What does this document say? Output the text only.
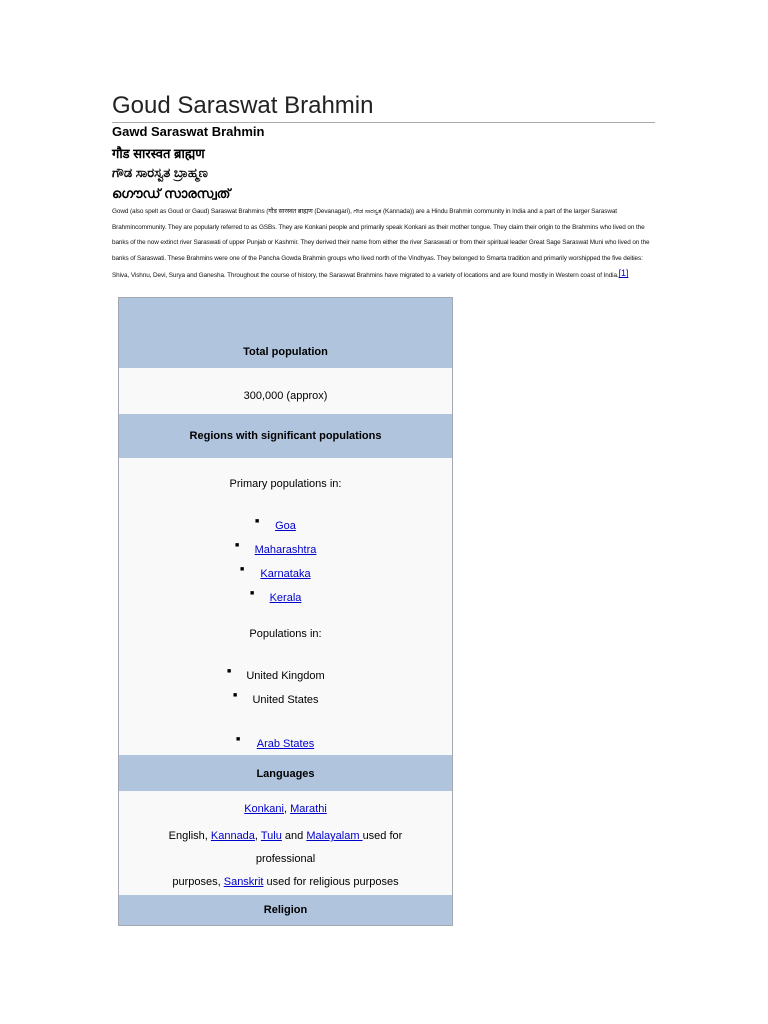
Goud Saraswat Brahmin
Gawd Saraswat Brahmin
गौड सारस्वत ब्राह्मण
ಗೌಡ ಸಾರಸ್ವತ ಬ್ರಾಹ್ಮಣ
ഗൌഡ് സാരസ്വത്
Gowd (also spelt as Goud or Gaud) Saraswat Brahmins (गौड सारस्वत ब्राह्मण (Devanagari), ಗೌಡ ಸಾರಸ್ವತ (Kannada)) are a Hindu Brahmin community in India and a part of the larger Saraswat Brahmincommunity. They are popularly referred to as GSBs. They are Konkani people and primarily speak Konkani as their mother tongue. They claim their origin to the Brahmins who lived on the banks of the now extinct river Saraswati of upper Punjab or Kashmir. They derived their name from either the river Saraswati or from their spiritual leader Great Sage Saraswat Muni who lived on the banks of Saraswati. These Brahmins were one of the Pancha Gowda Brahmin groups who lived north of the Vindhyas. They belonged to Smarta tradition and primarily worshipped the five deities: Shiva, Vishnu, Devi, Surya and Ganesha. Throughout the course of history, the Saraswat Brahmins have migrated to a variety of locations and are found mostly in Western coast of India.[1]
Total population
300,000 (approx)
Regions with significant populations
Primary populations in:
■ Goa
■ Maharashtra
■ Karnataka
■ Kerala
Populations in:
■ United Kingdom
■ United States
■ Arab States
Languages
Konkani, Marathi
English, Kannada, Tulu and Malayalam used for professional
purposes, Sanskrit used for religious purposes
Religion
